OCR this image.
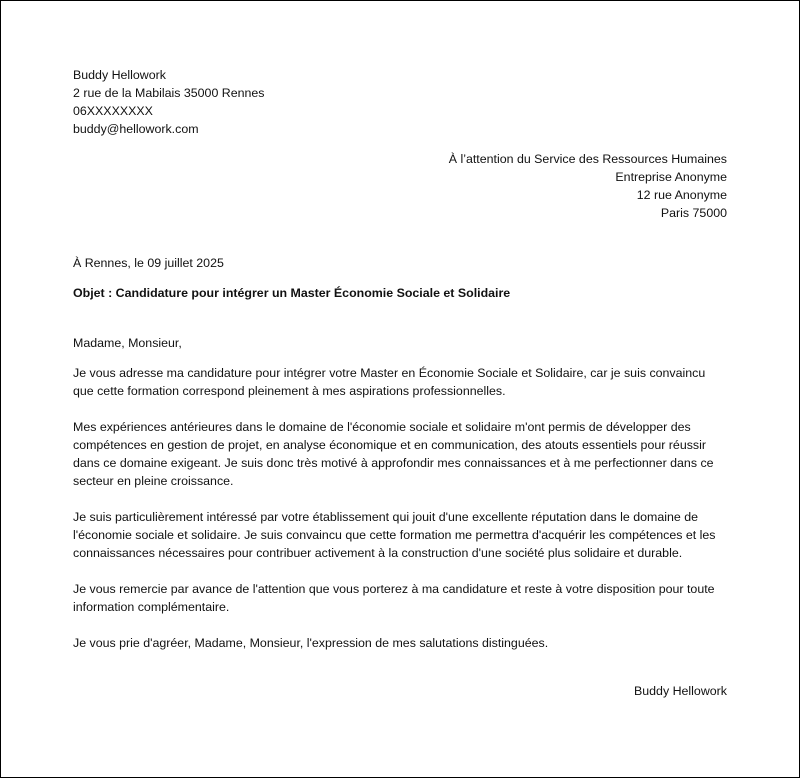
Buddy Hellowork
2 rue de la Mabilais 35000 Rennes
06XXXXXXXX
buddy@hellowork.com
À l’attention du Service des Ressources Humaines
Entreprise Anonyme
12 rue Anonyme
Paris 75000
À Rennes, le 09 juillet 2025
Objet : Candidature pour intégrer un Master Économie Sociale et Solidaire
Madame, Monsieur,
Je vous adresse ma candidature pour intégrer votre Master en Économie Sociale et Solidaire, car je suis convaincu que cette formation correspond pleinement à mes aspirations professionnelles.
Mes expériences antérieures dans le domaine de l'économie sociale et solidaire m'ont permis de développer des compétences en gestion de projet, en analyse économique et en communication, des atouts essentiels pour réussir dans ce domaine exigeant. Je suis donc très motivé à approfondir mes connaissances et à me perfectionner dans ce secteur en pleine croissance.
Je suis particulièrement intéressé par votre établissement qui jouit d'une excellente réputation dans le domaine de l'économie sociale et solidaire. Je suis convaincu que cette formation me permettra d'acquérir les compétences et les connaissances nécessaires pour contribuer activement à la construction d'une société plus solidaire et durable.
Je vous remercie par avance de l'attention que vous porterez à ma candidature et reste à votre disposition pour toute information complémentaire.
Je vous prie d'agréer, Madame, Monsieur, l'expression de mes salutations distinguées.
Buddy Hellowork
